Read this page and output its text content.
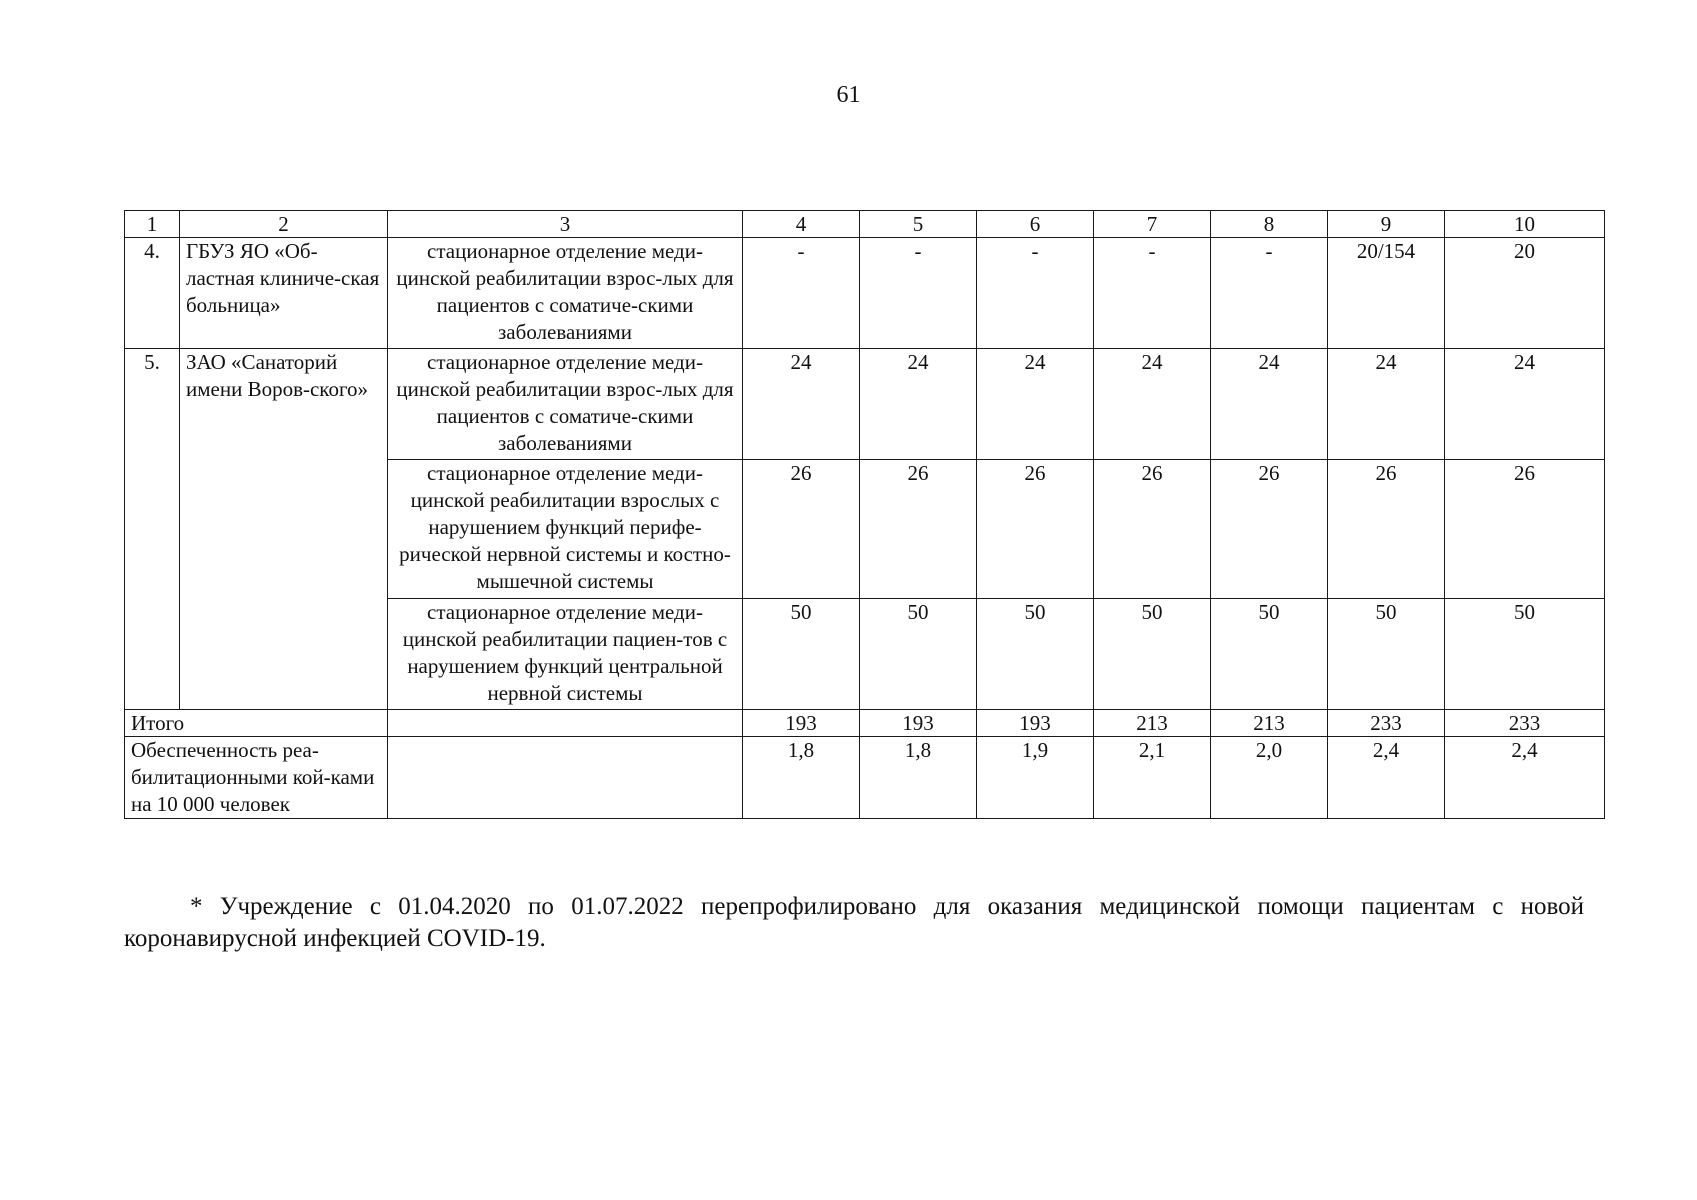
61
1	2	3	4	5	6	7	8	9	10
4.	ГБУЗ ЯО «Об-ластная клиниче-ская больница»	стационарное отделение меди-цинской реабилитации взрос-лых для пациентов с соматиче-скими заболеваниями	-	-	-	-	-	20/154	20
5.	ЗАО «Санаторий имени Воров-ского»	стационарное отделение меди-цинской реабилитации взрос-лых для пациентов с соматиче-скими заболеваниями	24	24	24	24	24	24	24
		стационарное отделение меди-цинской реабилитации взрослых с нарушением функций перифе-рической нервной системы и костно-мышечной системы	26	26	26	26	26	26	26
		стационарное отделение меди-цинской реабилитации пациен-тов с нарушением функций центральной нервной системы	50	50	50	50	50	50	50
Итого			193	193	193	213	213	233	233
Обеспеченность реа-билитационными кой-ками на 10 000 человек			1,8	1,8	1,9	2,1	2,0	2,4	2,4

* Учреждение с 01.04.2020 по 01.07.2022 перепрофилировано для оказания медицинской помощи пациентам с новой коронавирусной инфекцией COVID-19.
